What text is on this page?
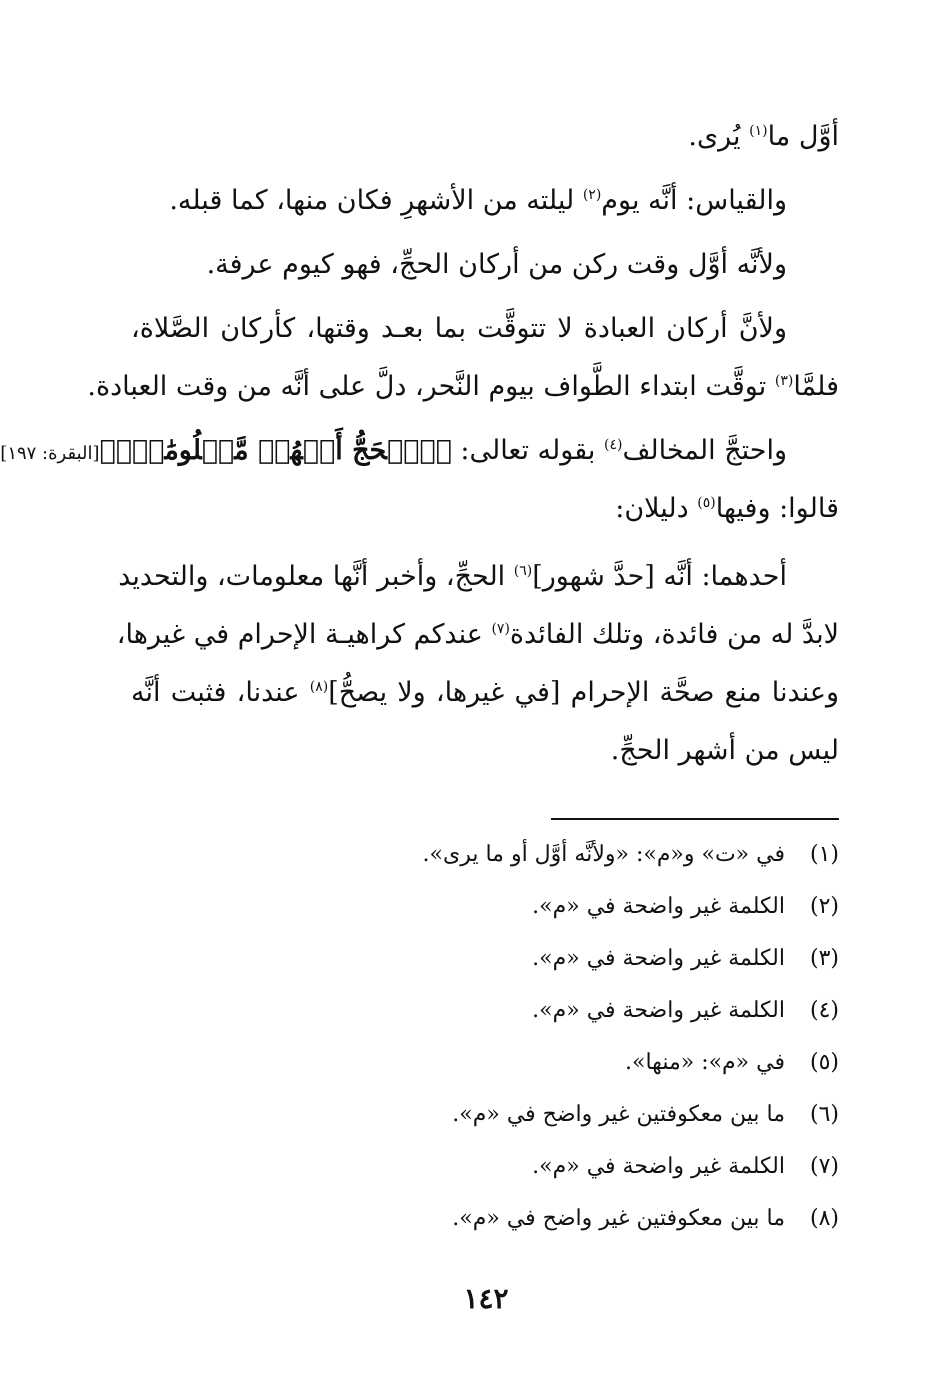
أوَّل ما$^{(١)}$ يُرى.
والقياس: أنَّه يوم$^{(٢)}$ ليلته من الأشهرِ فكان منها، كما قبله.
ولأنَّه أوَّل وقت ركن من أركان الحجِّ، فهو كيوم عرفة.
ولأنَّ أركان العبادة لا تتوقَّت بما بعـد وقتها، كأركان الصَّلاة،
فلمَّا$^{(٣)}$ توقَّت ابتداء الطَّواف بيوم النَّحر، دلَّ على أنَّه من وقت العبادة.
واحتجَّ المخالف$^{(٤)}$ بقوله تعالى: ﴿ٱلۡحَجُّ أَشۡهُرٞ مَّعۡلُومَٰتٞۚ﴾[البقرة: ١٩٧]
قالوا: وفيها$^{(٥)}$ دليلان:
أحدهما: أنَّه [حدَّ شهور]$^{(٦)}$ الحجِّ، وأخبر أنَّها معلومات، والتحديد
لابدَّ له من فائدة، وتلك الفائدة$^{(٧)}$ عندكم كراهيـة الإحرام في غيرها،
وعندنا منع صحَّة الإحرام [في غيرها، ولا يصحُّ]$^{(٨)}$ عندنا، فثبت أنَّه
ليس من أشهر الحجِّ.
(١)
في «ت» و«م»: «ولأنَّه أوَّل أو ما يرى».
(٢)
الكلمة غير واضحة في «م».
(٣)
الكلمة غير واضحة في «م».
(٤)
الكلمة غير واضحة في «م».
(٥)
في «م»: «منها».
(٦)
ما بين معكوفتين غير واضح في «م».
(٧)
الكلمة غير واضحة في «م».
(٨)
ما بين معكوفتين غير واضح في «م».
١٤٢
